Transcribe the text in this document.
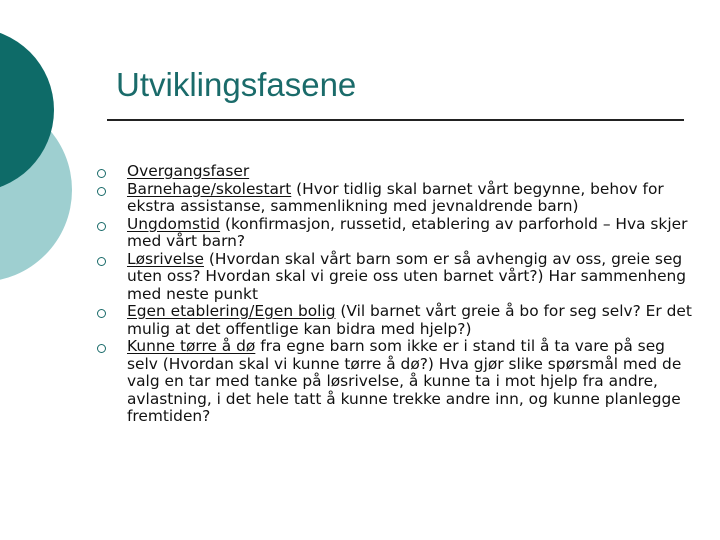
Utviklingsfasene
Overgangsfaser
Barnehage/skolestart (Hvor tidlig skal barnet vårt begynne, behov for ekstra assistanse, sammenlikning med jevnaldrende barn)
Ungdomstid (konfirmasjon, russetid, etablering av parforhold – Hva skjer med vårt barn?
Løsrivelse (Hvordan skal vårt barn som er så avhengig av oss, greie seg uten oss? Hvordan skal vi greie oss uten barnet vårt?) Har sammenheng med neste punkt
Egen etablering/Egen bolig (Vil barnet vårt greie å bo for seg selv? Er det mulig at det offentlige kan bidra med hjelp?)
Kunne tørre å dø fra egne barn som ikke er i stand til å ta vare på seg selv (Hvordan skal vi kunne tørre å dø?) Hva gjør slike spørsmål med de valg en tar med tanke på løsrivelse, å kunne ta i mot hjelp fra andre, avlastning, i det hele tatt å kunne trekke andre inn, og kunne planlegge fremtiden?
